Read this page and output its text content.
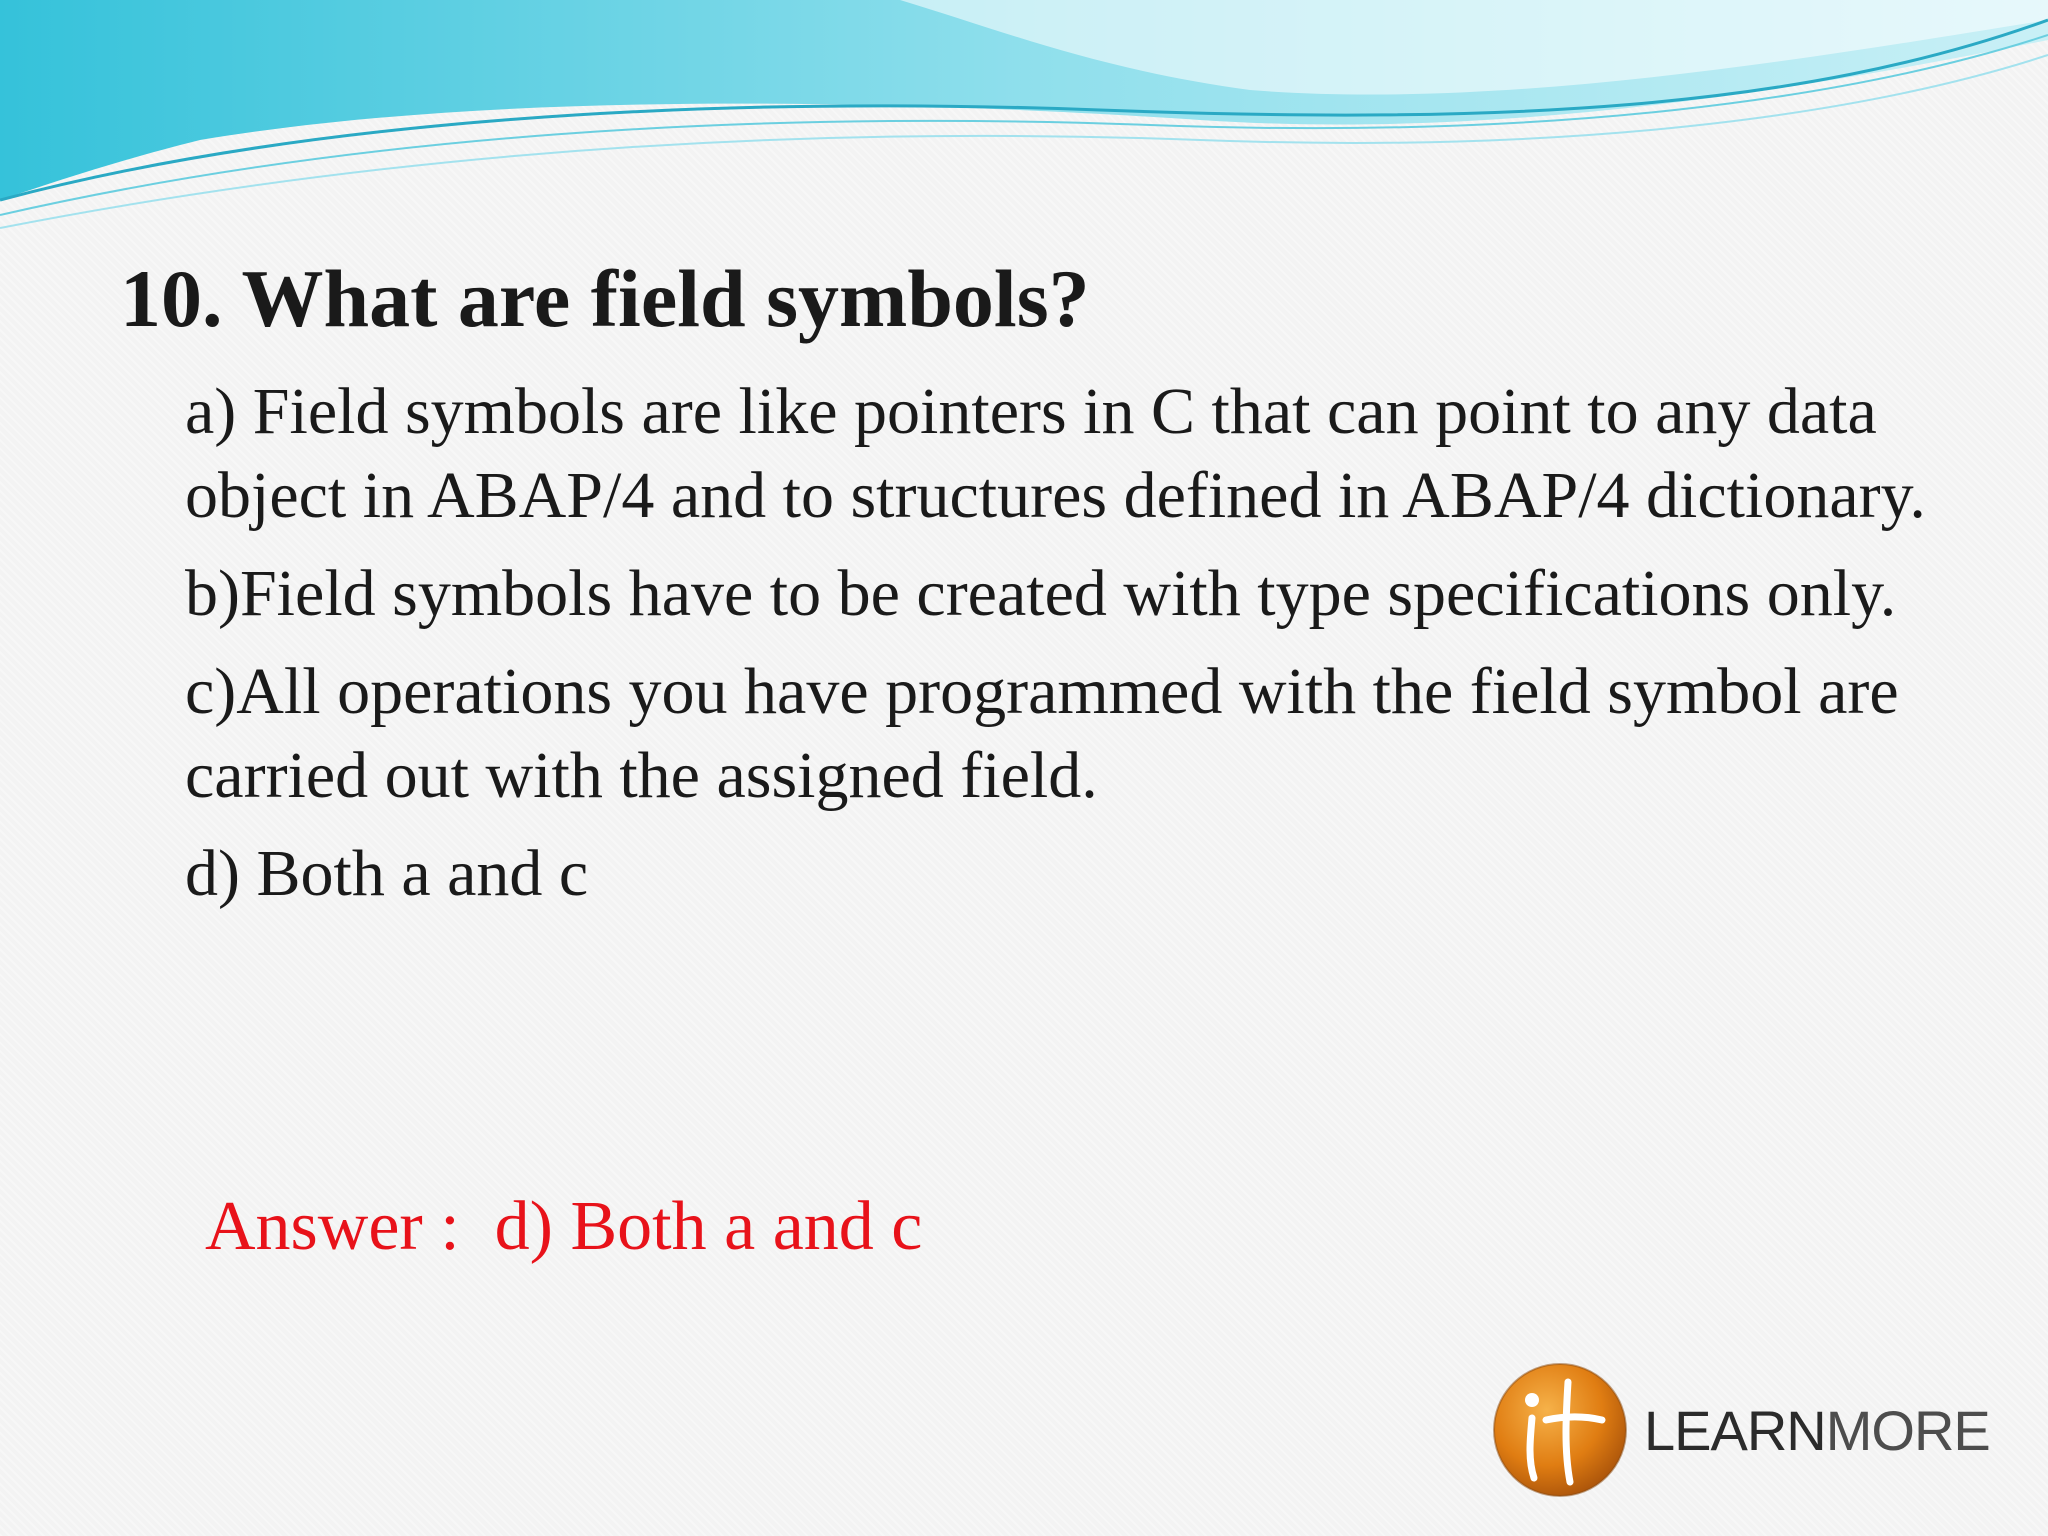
10. What are field symbols?
a) Field symbols are like pointers in C that can point to any data object in ABAP/4 and to structures defined in ABAP/4 dictionary.
b)Field symbols have to be created with type specifications only.
c)All operations you have programmed with the field symbol are carried out with the assigned field.
d) Both a and c

Answer :  d) Both a and c

LEARNMORE
